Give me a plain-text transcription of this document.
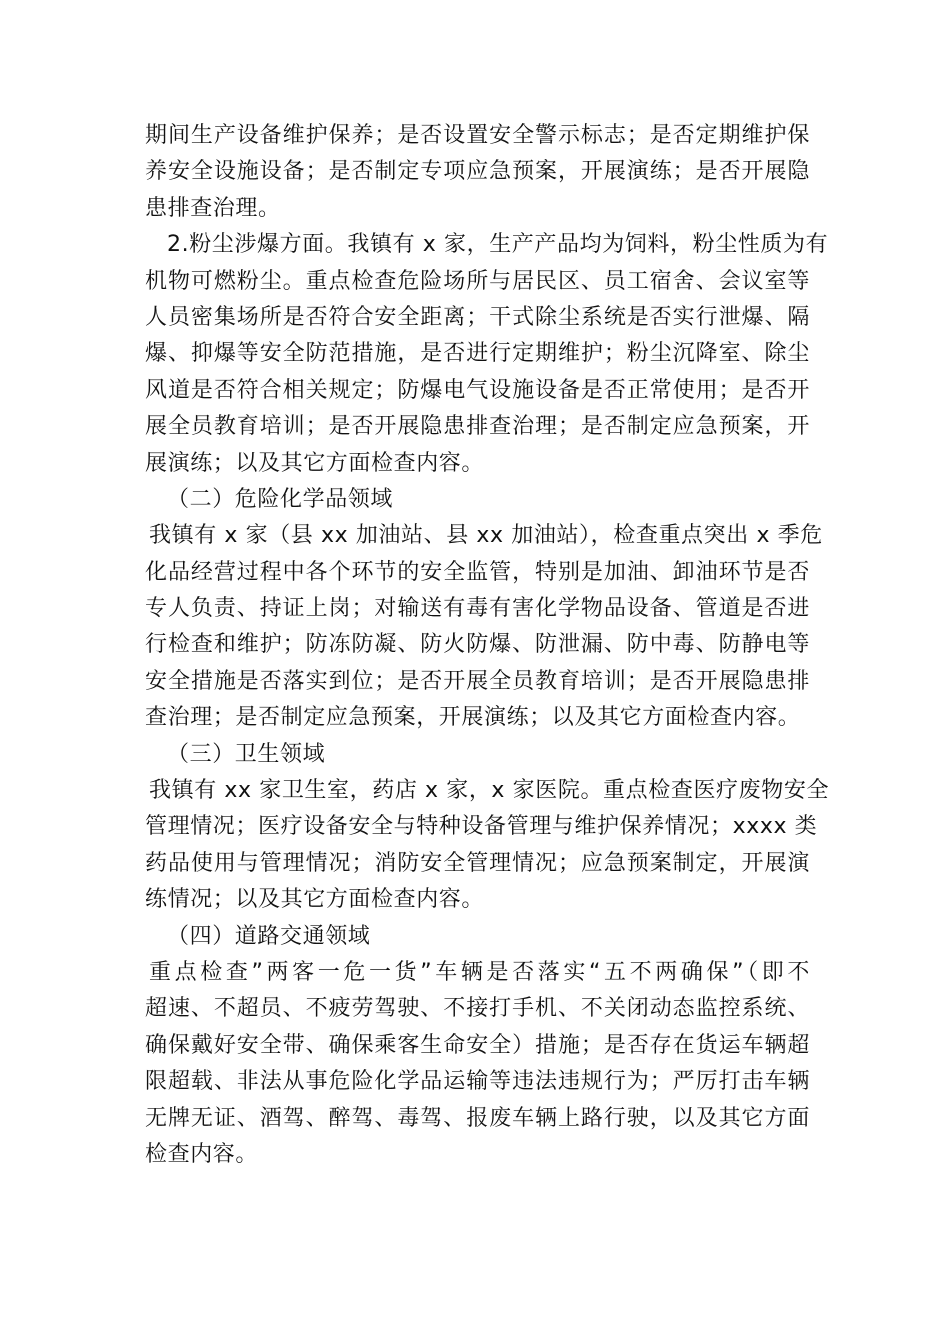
期间生产设备维护保养；是否设置安全警示标志；是否定期维护保
养安全设施设备；是否制定专项应急预案，开展演练；是否开展隐
患排查治理。
2.粉尘涉爆方面。我镇有 x 家，生产产品均为饲料，粉尘性质为有
机物可燃粉尘。重点检查危险场所与居民区、员工宿舍、会议室等
人员密集场所是否符合安全距离；干式除尘系统是否实行泄爆、隔
爆、抑爆等安全防范措施，是否进行定期维护；粉尘沉降室、除尘
风道是否符合相关规定；防爆电气设施设备是否正常使用；是否开
展全员教育培训；是否开展隐患排查治理；是否制定应急预案，开
展演练；以及其它方面检查内容。
（二）危险化学品领域
我镇有 x 家（县 xx 加油站、县 xx 加油站），检查重点突出 x 季危
化品经营过程中各个环节的安全监管，特别是加油、卸油环节是否
专人负责、持证上岗；对输送有毒有害化学物品设备、管道是否进
行检查和维护；防冻防凝、防火防爆、防泄漏、防中毒、防静电等
安全措施是否落实到位；是否开展全员教育培训；是否开展隐患排
查治理；是否制定应急预案，开展演练；以及其它方面检查内容。
（三）卫生领域
我镇有 xx 家卫生室，药店 x 家，x 家医院。重点检查医疗废物安全
管理情况；医疗设备安全与特种设备管理与维护保养情况；xxxx 类
药品使用与管理情况；消防安全管理情况；应急预案制定，开展演
练情况；以及其它方面检查内容。
（四）道路交通领域
重点检查”两客一危一货”车辆是否落实“五不两确保”（即不
超速、不超员、不疲劳驾驶、不接打手机、不关闭动态监控系统、
确保戴好安全带、确保乘客生命安全）措施；是否存在货运车辆超
限超载、非法从事危险化学品运输等违法违规行为；严厉打击车辆
无牌无证、酒驾、醉驾、毒驾、报废车辆上路行驶，以及其它方面
检查内容。
